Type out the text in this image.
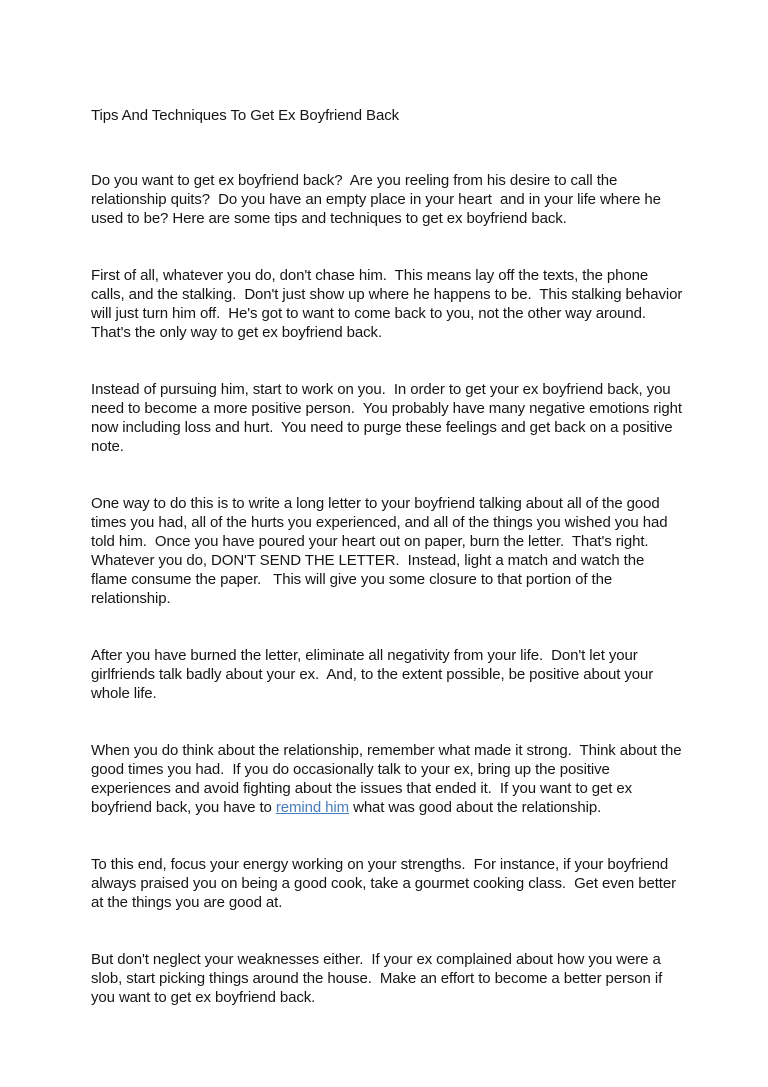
Tips And Techniques To Get Ex Boyfriend Back

Do you want to get ex boyfriend back?  Are you reeling from his desire to call the relationship quits?  Do you have an empty place in your heart  and in your life where he used to be? Here are some tips and techniques to get ex boyfriend back.

First of all, whatever you do, don't chase him.  This means lay off the texts, the phone calls, and the stalking.  Don't just show up where he happens to be.  This stalking behavior will just turn him off.  He's got to want to come back to you, not the other way around.  That's the only way to get ex boyfriend back.

Instead of pursuing him, start to work on you.  In order to get your ex boyfriend back, you need to become a more positive person.  You probably have many negative emotions right now including loss and hurt.  You need to purge these feelings and get back on a positive note.

One way to do this is to write a long letter to your boyfriend talking about all of the good times you had, all of the hurts you experienced, and all of the things you wished you had told him.  Once you have poured your heart out on paper, burn the letter.  That's right.  Whatever you do, DON'T SEND THE LETTER.  Instead, light a match and watch the flame consume the paper.   This will give you some closure to that portion of the relationship.

After you have burned the letter, eliminate all negativity from your life.  Don't let your girlfriends talk badly about your ex.  And, to the extent possible, be positive about your whole life.

When you do think about the relationship, remember what made it strong.  Think about the good times you had.  If you do occasionally talk to your ex, bring up the positive experiences and avoid fighting about the issues that ended it.  If you want to get ex boyfriend back, you have to remind him what was good about the relationship.

To this end, focus your energy working on your strengths.  For instance, if your boyfriend always praised you on being a good cook, take a gourmet cooking class.  Get even better at the things you are good at.

But don't neglect your weaknesses either.  If your ex complained about how you were a slob, start picking things around the house.  Make an effort to become a better person if you want to get ex boyfriend back.
